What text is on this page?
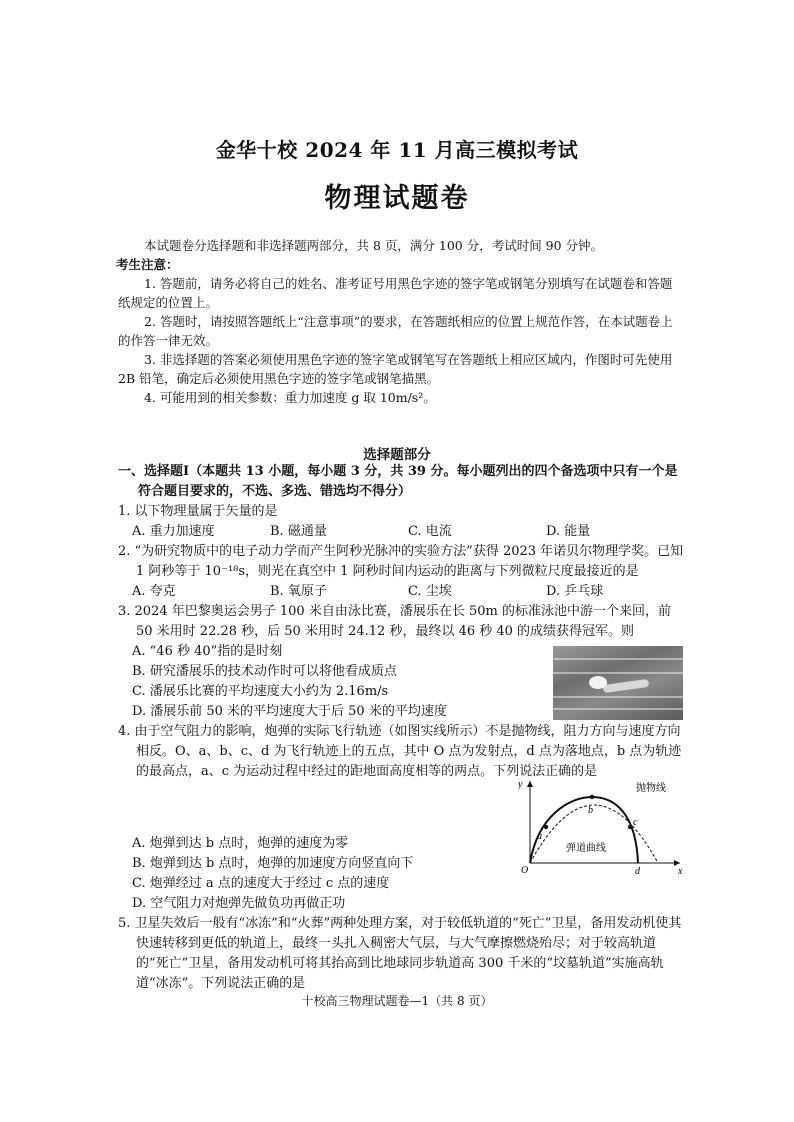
金华十校 2024 年 11 月高三模拟考试
物理试题卷

本试题卷分选择题和非选择题两部分，共 8 页，满分 100 分，考试时间 90 分钟。

考生注意：

1. 答题前，请务必将自己的姓名、准考证号用黑色字迹的签字笔或钢笔分别填写在试题卷和答题纸规定的位置上。

2. 答题时，请按照答题纸上“注意事项”的要求，在答题纸相应的位置上规范作答，在本试题卷上的作答一律无效。

3. 非选择题的答案必须使用黑色字迹的签字笔或钢笔写在答题纸上相应区域内，作图时可先使用 2B 铅笔，确定后必须使用黑色字迹的签字笔或钢笔描黑。

4. 可能用到的相关参数：重力加速度 g 取 10m/s²。

选择题部分

一、选择题Ⅰ（本题共 13 小题，每小题 3 分，共 39 分。每小题列出的四个备选项中只有一个是符合题目要求的，不选、多选、错选均不得分）

1. 以下物理量属于矢量的是

A. 重力加速度	B. 磁通量	C. 电流	D. 能量

2. “为研究物质中的电子动力学而产生阿秒光脉冲的实验方法”获得 2023 年诺贝尔物理学奖。已知 1 阿秒等于 10⁻¹⁸s，则光在真空中 1 阿秒时间内运动的距离与下列微粒尺度最接近的是

A. 夸克	B. 氧原子	C. 尘埃	D. 乒乓球

3. 2024 年巴黎奥运会男子 100 米自由泳比赛，潘展乐在长 50m 的标准泳池中游一个来回，前 50 米用时 22.28 秒，后 50 米用时 24.12 秒，最终以 46 秒 40 的成绩获得冠军。则

A. “46 秒 40”指的是时刻

B. 研究潘展乐的技术动作时可以将他看成质点

C. 潘展乐比赛的平均速度大小约为 2.16m/s

D. 潘展乐前 50 米的平均速度大于后 50 米的平均速度

4. 由于空气阻力的影响，炮弹的实际飞行轨迹（如图实线所示）不是抛物线，阻力方向与速度方向相反。O、a、b、c、d 为飞行轨迹上的五点，其中 O 点为发射点，d 点为落地点，b 点为轨迹的最高点，a、c 为运动过程中经过的距地面高度相等的两点。下列说法正确的是

A. 炮弹到达 b 点时，炮弹的速度为零

B. 炮弹到达 b 点时，炮弹的加速度方向竖直向下

C. 炮弹经过 a 点的速度大于经过 c 点的速度

D. 空气阻力对炮弹先做负功再做正功

5. 卫星失效后一般有“冰冻”和“火葬”两种处理方案，对于较低轨道的“死亡”卫星，备用发动机使其快速转移到更低的轨道上，最终一头扎入稠密大气层，与大气摩擦燃烧殆尽；对于较高轨道的“死亡”卫星，备用发动机可将其抬高到比地球同步轨道高 300 千米的“坟墓轨道”实施高轨道“冰冻”。下列说法正确的是

y
x
O
a
b
c
d
抛物线
弹道曲线
十校高三物理试题卷—1（共 8 页）
